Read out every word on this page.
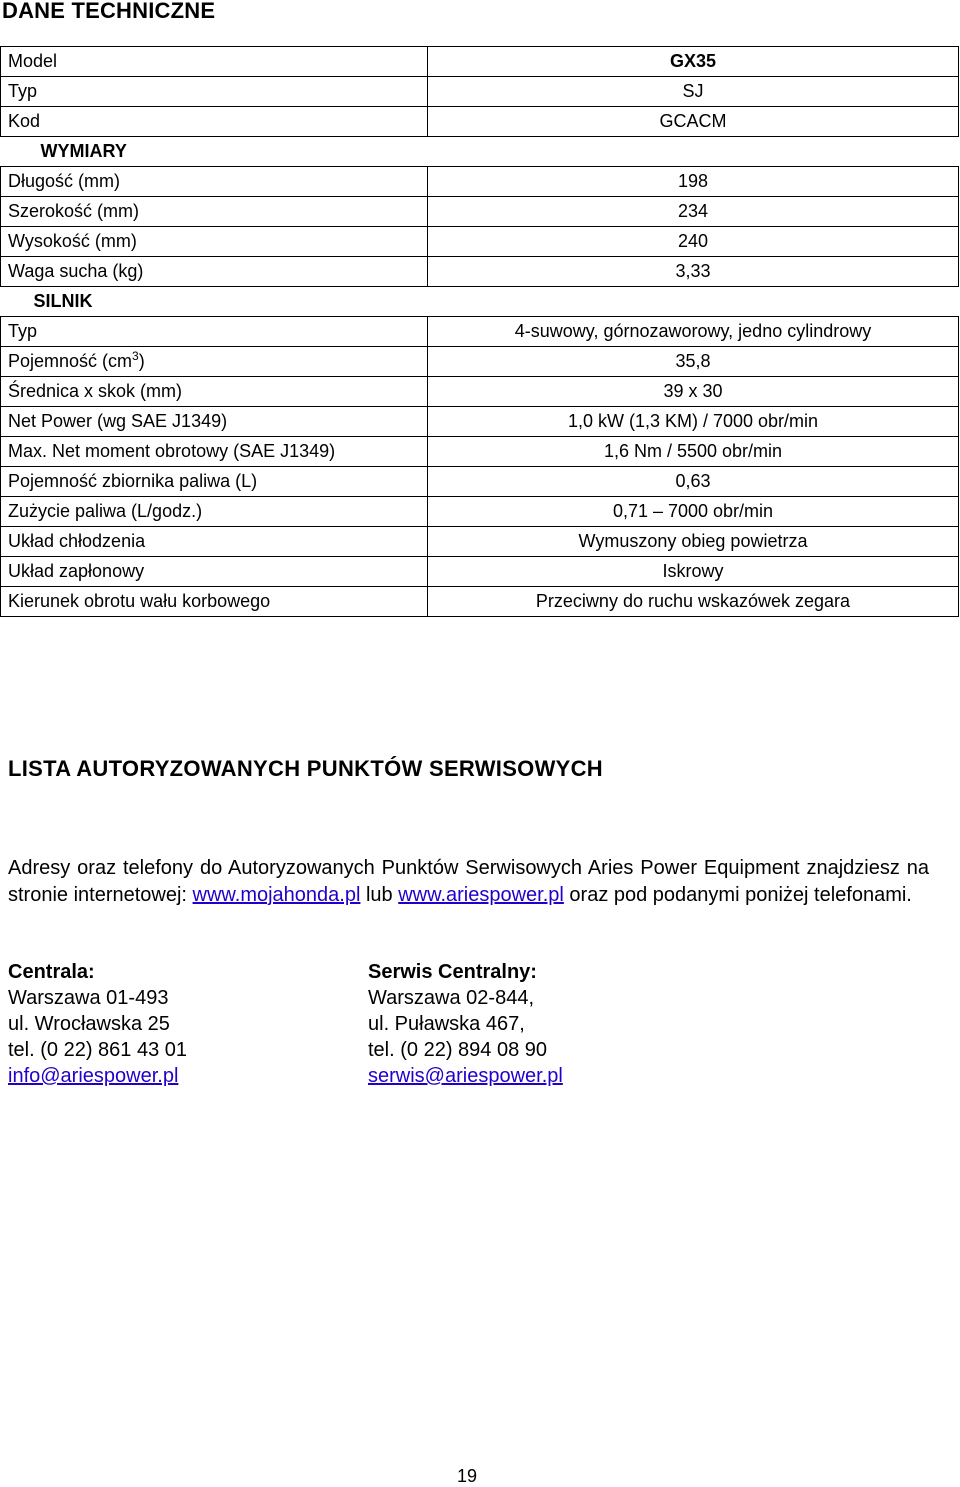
DANE TECHNICZNE
Model	GX35
Typ	SJ
Kod	GCACM
WYMIARY	
Długość (mm)	198
Szerokość (mm)	234
Wysokość (mm)	240
Waga sucha (kg)	3,33
SILNIK	
Typ	4-suwowy, górnozaworowy, jedno cylindrowy
Pojemność $(cm^3)$	35,8
Średnica x skok (mm)	39 x 30
Net Power (wg SAE J1349)	1,0 kW (1,3 KM) / 7000 obr/min
Max. Net moment obrotowy (SAE J1349)	1,6 Nm / 5500 obr/min
Pojemność zbiornika paliwa (L)	0,63
Zużycie paliwa (L/godz.)	0,71 – 7000 obr/min
Układ chłodzenia	Wymuszony obieg powietrza
Układ zapłonowy	Iskrowy
Kierunek obrotu wału korbowego	Przeciwny do ruchu wskazówek zegara
LISTA AUTORYZOWANYCH PUNKTÓW SERWISOWYCH
Adresy oraz telefony do Autoryzowanych Punktów Serwisowych Aries Power Equipment znajdziesz na stronie internetowej: www.mojahonda.pl lub www.ariespower.pl oraz pod podanymi poniżej telefonami.
Centrala:
Warszawa 01-493
ul. Wrocławska 25
tel. (0 22) 861 43 01
info@ariespower.pl
Serwis Centralny:
Warszawa 02-844,
ul. Puławska 467,
tel. (0 22) 894 08 90
serwis@ariespower.pl
19
